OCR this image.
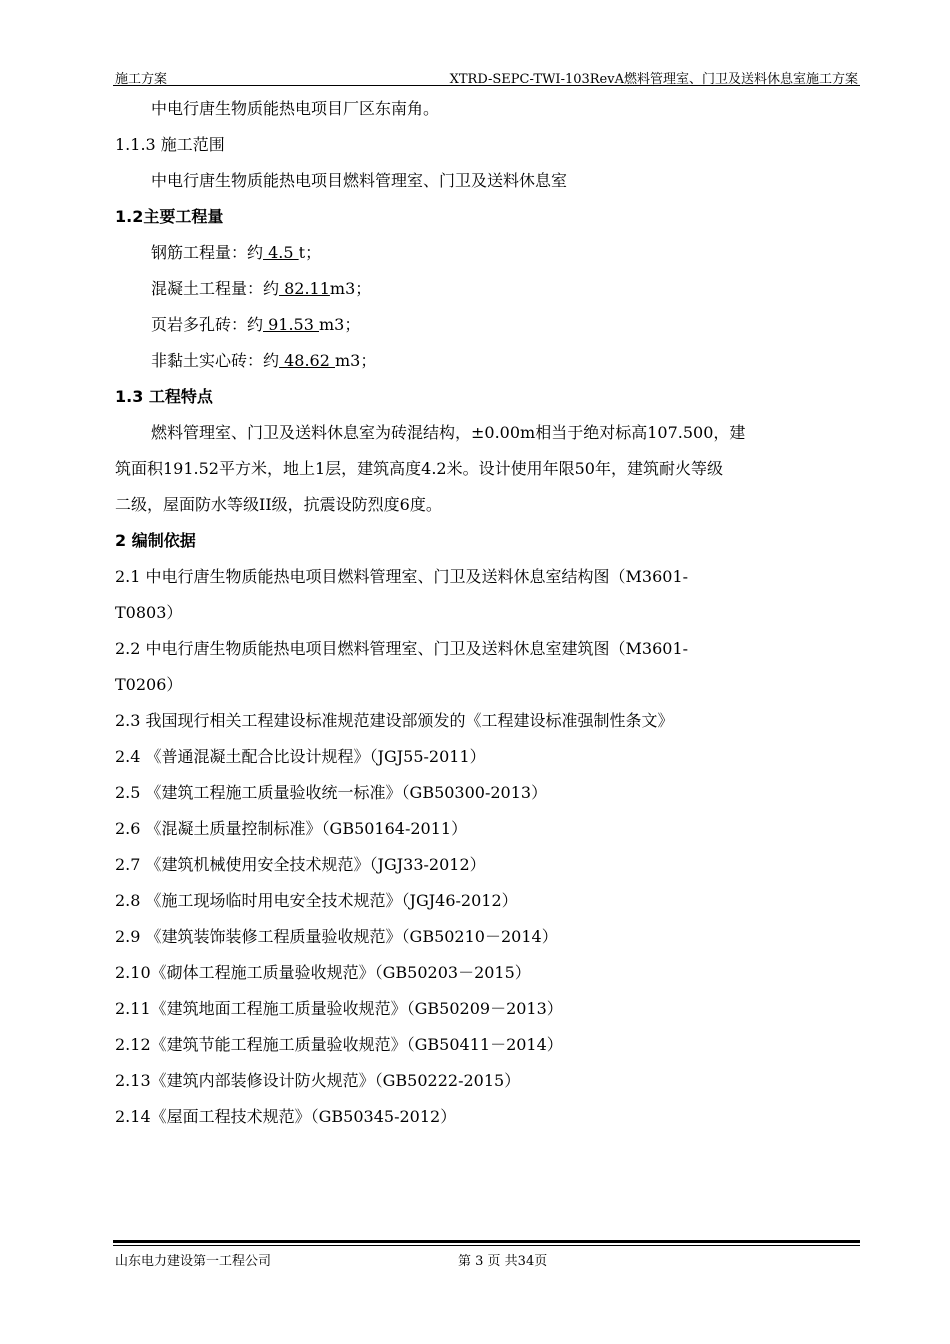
施工方案	XTRD-SEPC-TWI-103RevA燃料管理室、门卫及送料休息室施工方案
中电行唐生物质能热电项目厂区东南角。
1.1.3 施工范围
中电行唐生物质能热电项目燃料管理室、门卫及送料休息室
1.2主要工程量
钢筋工程量：约 4.5 t；
混凝土工程量：约 82.11m3；
页岩多孔砖：约 91.53 m3；
非黏土实心砖：约 48.62 m3；
1.3 工程特点
燃料管理室、门卫及送料休息室为砖混结构，±0.00m相当于绝对标高107.500，建
筑面积191.52平方米，地上1层，建筑高度4.2米。设计使用年限50年，建筑耐火等级
二级，屋面防水等级II级，抗震设防烈度6度。
2 编制依据
2.1 中电行唐生物质能热电项目燃料管理室、门卫及送料休息室结构图（M3601-
T0803）
2.2 中电行唐生物质能热电项目燃料管理室、门卫及送料休息室建筑图（M3601-
T0206）
2.3 我国现行相关工程建设标准规范建设部颁发的《工程建设标准强制性条文》
2.4 《普通混凝土配合比设计规程》（JGJ55-2011）
2.5 《建筑工程施工质量验收统一标准》（GB50300-2013）
2.6 《混凝土质量控制标准》（GB50164-2011）
2.7 《建筑机械使用安全技术规范》（JGJ33-2012）
2.8 《施工现场临时用电安全技术规范》（JGJ46-2012）
2.9 《建筑装饰装修工程质量验收规范》（GB50210－2014）
2.10《砌体工程施工质量验收规范》（GB50203－2015）
2.11《建筑地面工程施工质量验收规范》（GB50209－2013）
2.12《建筑节能工程施工质量验收规范》（GB50411－2014）
2.13《建筑内部装修设计防火规范》（GB50222-2015）
2.14《屋面工程技术规范》（GB50345-2012）
山东电力建设第一工程公司	第 3 页 共34页
